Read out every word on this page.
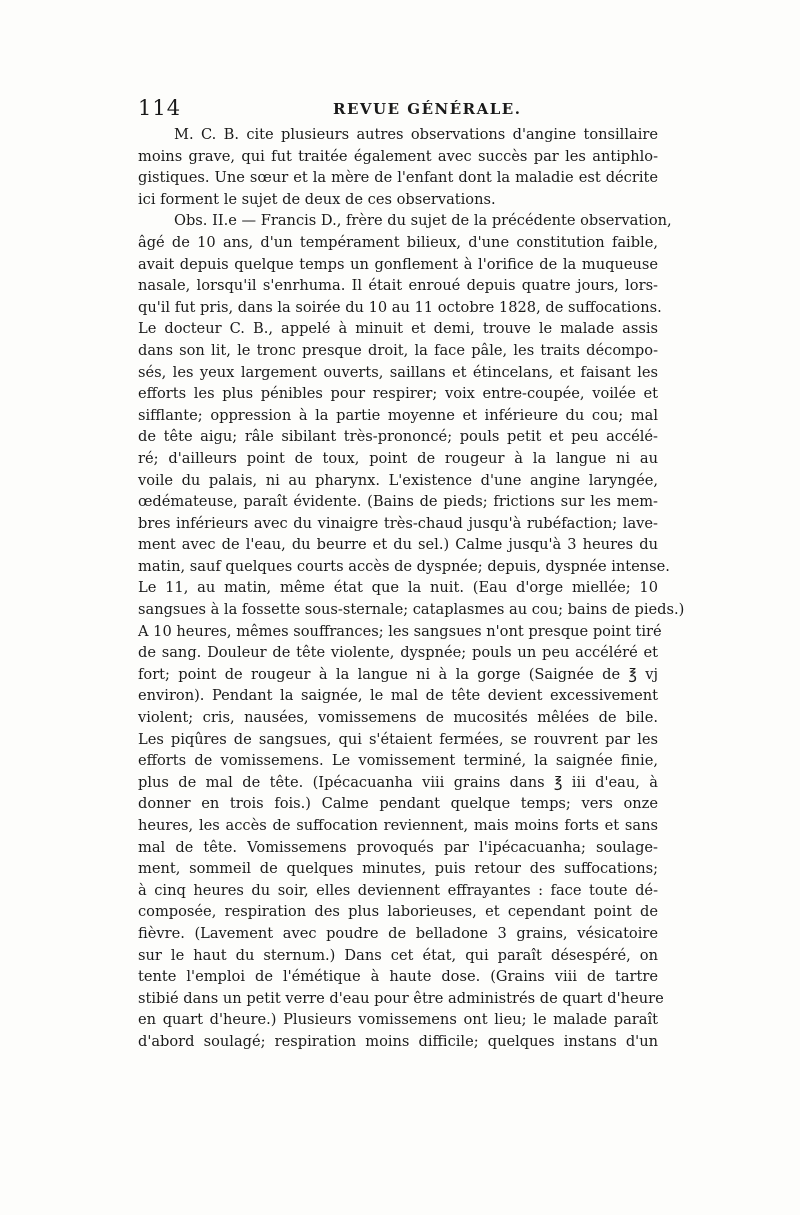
114	REVUE GÉNÉRALE.
M. C. B. cite plusieurs autres observations d'angine tonsillaire
moins grave, qui fut traitée également avec succès par les antiphlo-
gistiques. Une sœur et la mère de l'enfant dont la maladie est décrite
ici forment le sujet de deux de ces observations.
Obs. II.e — Francis D., frère du sujet de la précédente observation,
âgé de 10 ans, d'un tempérament bilieux, d'une constitution faible,
avait depuis quelque temps un gonflement à l'orifice de la muqueuse
nasale, lorsqu'il s'enrhuma. Il était enroué depuis quatre jours, lors-
qu'il fut pris, dans la soirée du 10 au 11 octobre 1828, de suffocations.
Le docteur C. B., appelé à minuit et demi, trouve le malade assis
dans son lit, le tronc presque droit, la face pâle, les traits décompo-
sés, les yeux largement ouverts, saillans et étincelans, et faisant les
efforts les plus pénibles pour respirer; voix entre-coupée, voilée et
sifflante; oppression à la partie moyenne et inférieure du cou; mal
de tête aigu; râle sibilant très-prononcé; pouls petit et peu accélé-
ré; d'ailleurs point de toux, point de rougeur à la langue ni au
voile du palais, ni au pharynx. L'existence d'une angine laryngée,
œdémateuse, paraît évidente. (Bains de pieds; frictions sur les mem-
bres inférieurs avec du vinaigre très-chaud jusqu'à rubéfaction; lave-
ment avec de l'eau, du beurre et du sel.) Calme jusqu'à 3 heures du
matin, sauf quelques courts accès de dyspnée; depuis, dyspnée intense.
Le 11, au matin, même état que la nuit. (Eau d'orge miellée; 10
sangsues à la fossette sous-sternale; cataplasmes au cou; bains de pieds.)
A 10 heures, mêmes souffrances; les sangsues n'ont presque point tiré
de sang. Douleur de tête violente, dyspnée; pouls un peu accéléré et
fort; point de rougeur à la langue ni à la gorge (Saignée de ℥ vj
environ). Pendant la saignée, le mal de tête devient excessivement
violent; cris, nausées, vomissemens de mucosités mêlées de bile.
Les piqûres de sangsues, qui s'étaient fermées, se rouvrent par les
efforts de vomissemens. Le vomissement terminé, la saignée finie,
plus de mal de tête. (Ipécacuanha viii grains dans ℥ iii d'eau, à
donner en trois fois.) Calme pendant quelque temps; vers onze
heures, les accès de suffocation reviennent, mais moins forts et sans
mal de tête. Vomissemens provoqués par l'ipécacuanha; soulage-
ment, sommeil de quelques minutes, puis retour des suffocations;
à cinq heures du soir, elles deviennent effrayantes : face toute dé-
composée, respiration des plus laborieuses, et cependant point de
fièvre. (Lavement avec poudre de belladone 3 grains, vésicatoire
sur le haut du sternum.) Dans cet état, qui paraît désespéré, on
tente l'emploi de l'émétique à haute dose. (Grains viii de tartre
stibié dans un petit verre d'eau pour être administrés de quart d'heure
en quart d'heure.) Plusieurs vomissemens ont lieu; le malade paraît
d'abord soulagé; respiration moins difficile; quelques instans d'un
